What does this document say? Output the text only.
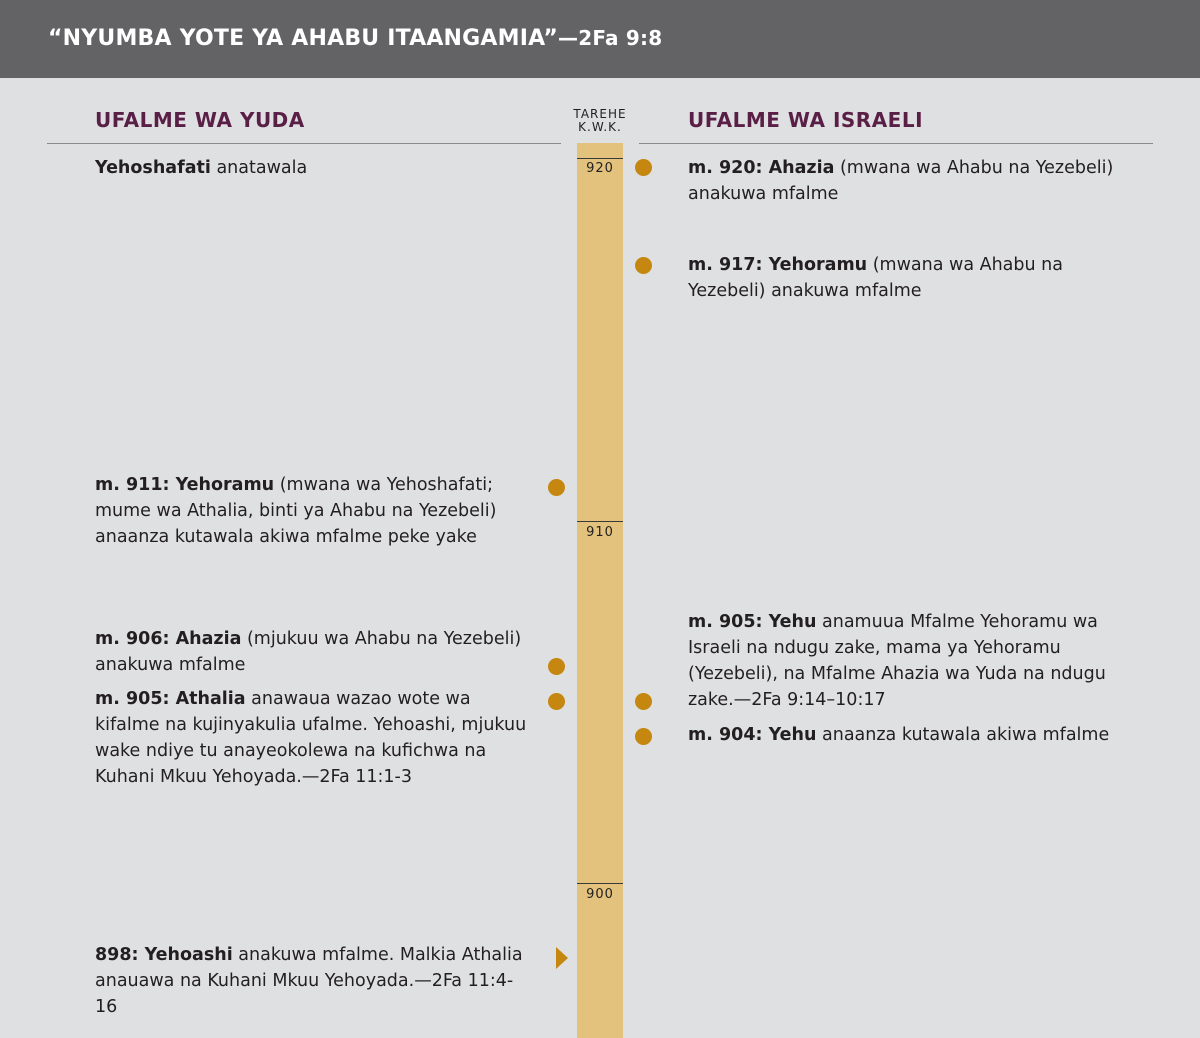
“NYUMBA YOTE YA AHABU ITAANGAMIA”—2Fa 9:8
UFALME WA YUDA	UFALME WA ISRAELI
TAREHE
K.W.K.
920
910
900
Yehoshafati anatawala
m. 911: Yehoramu (mwana wa Yehoshafati; mume wa Athalia, binti ya Ahabu na Yezebeli) anaanza kutawala akiwa mfalme peke yake
m. 906: Ahazia (mjukuu wa Ahabu na Yezebeli) anakuwa mfalme
m. 905: Athalia anawaua wazao wote wa kifalme na kujinyakulia ufalme. Yehoashi, mjukuu wake ndiye tu anayeokolewa na kufichwa na Kuhani Mkuu Yehoyada.—2Fa 11:1-3
898: Yehoashi anakuwa mfalme. Malkia Athalia anauawa na Kuhani Mkuu Yehoyada.—2Fa 11:4-16
m. 920: Ahazia (mwana wa Ahabu na Yezebeli) anakuwa mfalme
m. 917: Yehoramu (mwana wa Ahabu na Yezebeli) anakuwa mfalme
m. 905: Yehu anamuua Mfalme Yehoramu wa Israeli na ndugu zake, mama ya Yehoramu (Yezebeli), na Mfalme Ahazia wa Yuda na ndugu zake.—2Fa 9:14–10:17
m. 904: Yehu anaanza kutawala akiwa mfalme
